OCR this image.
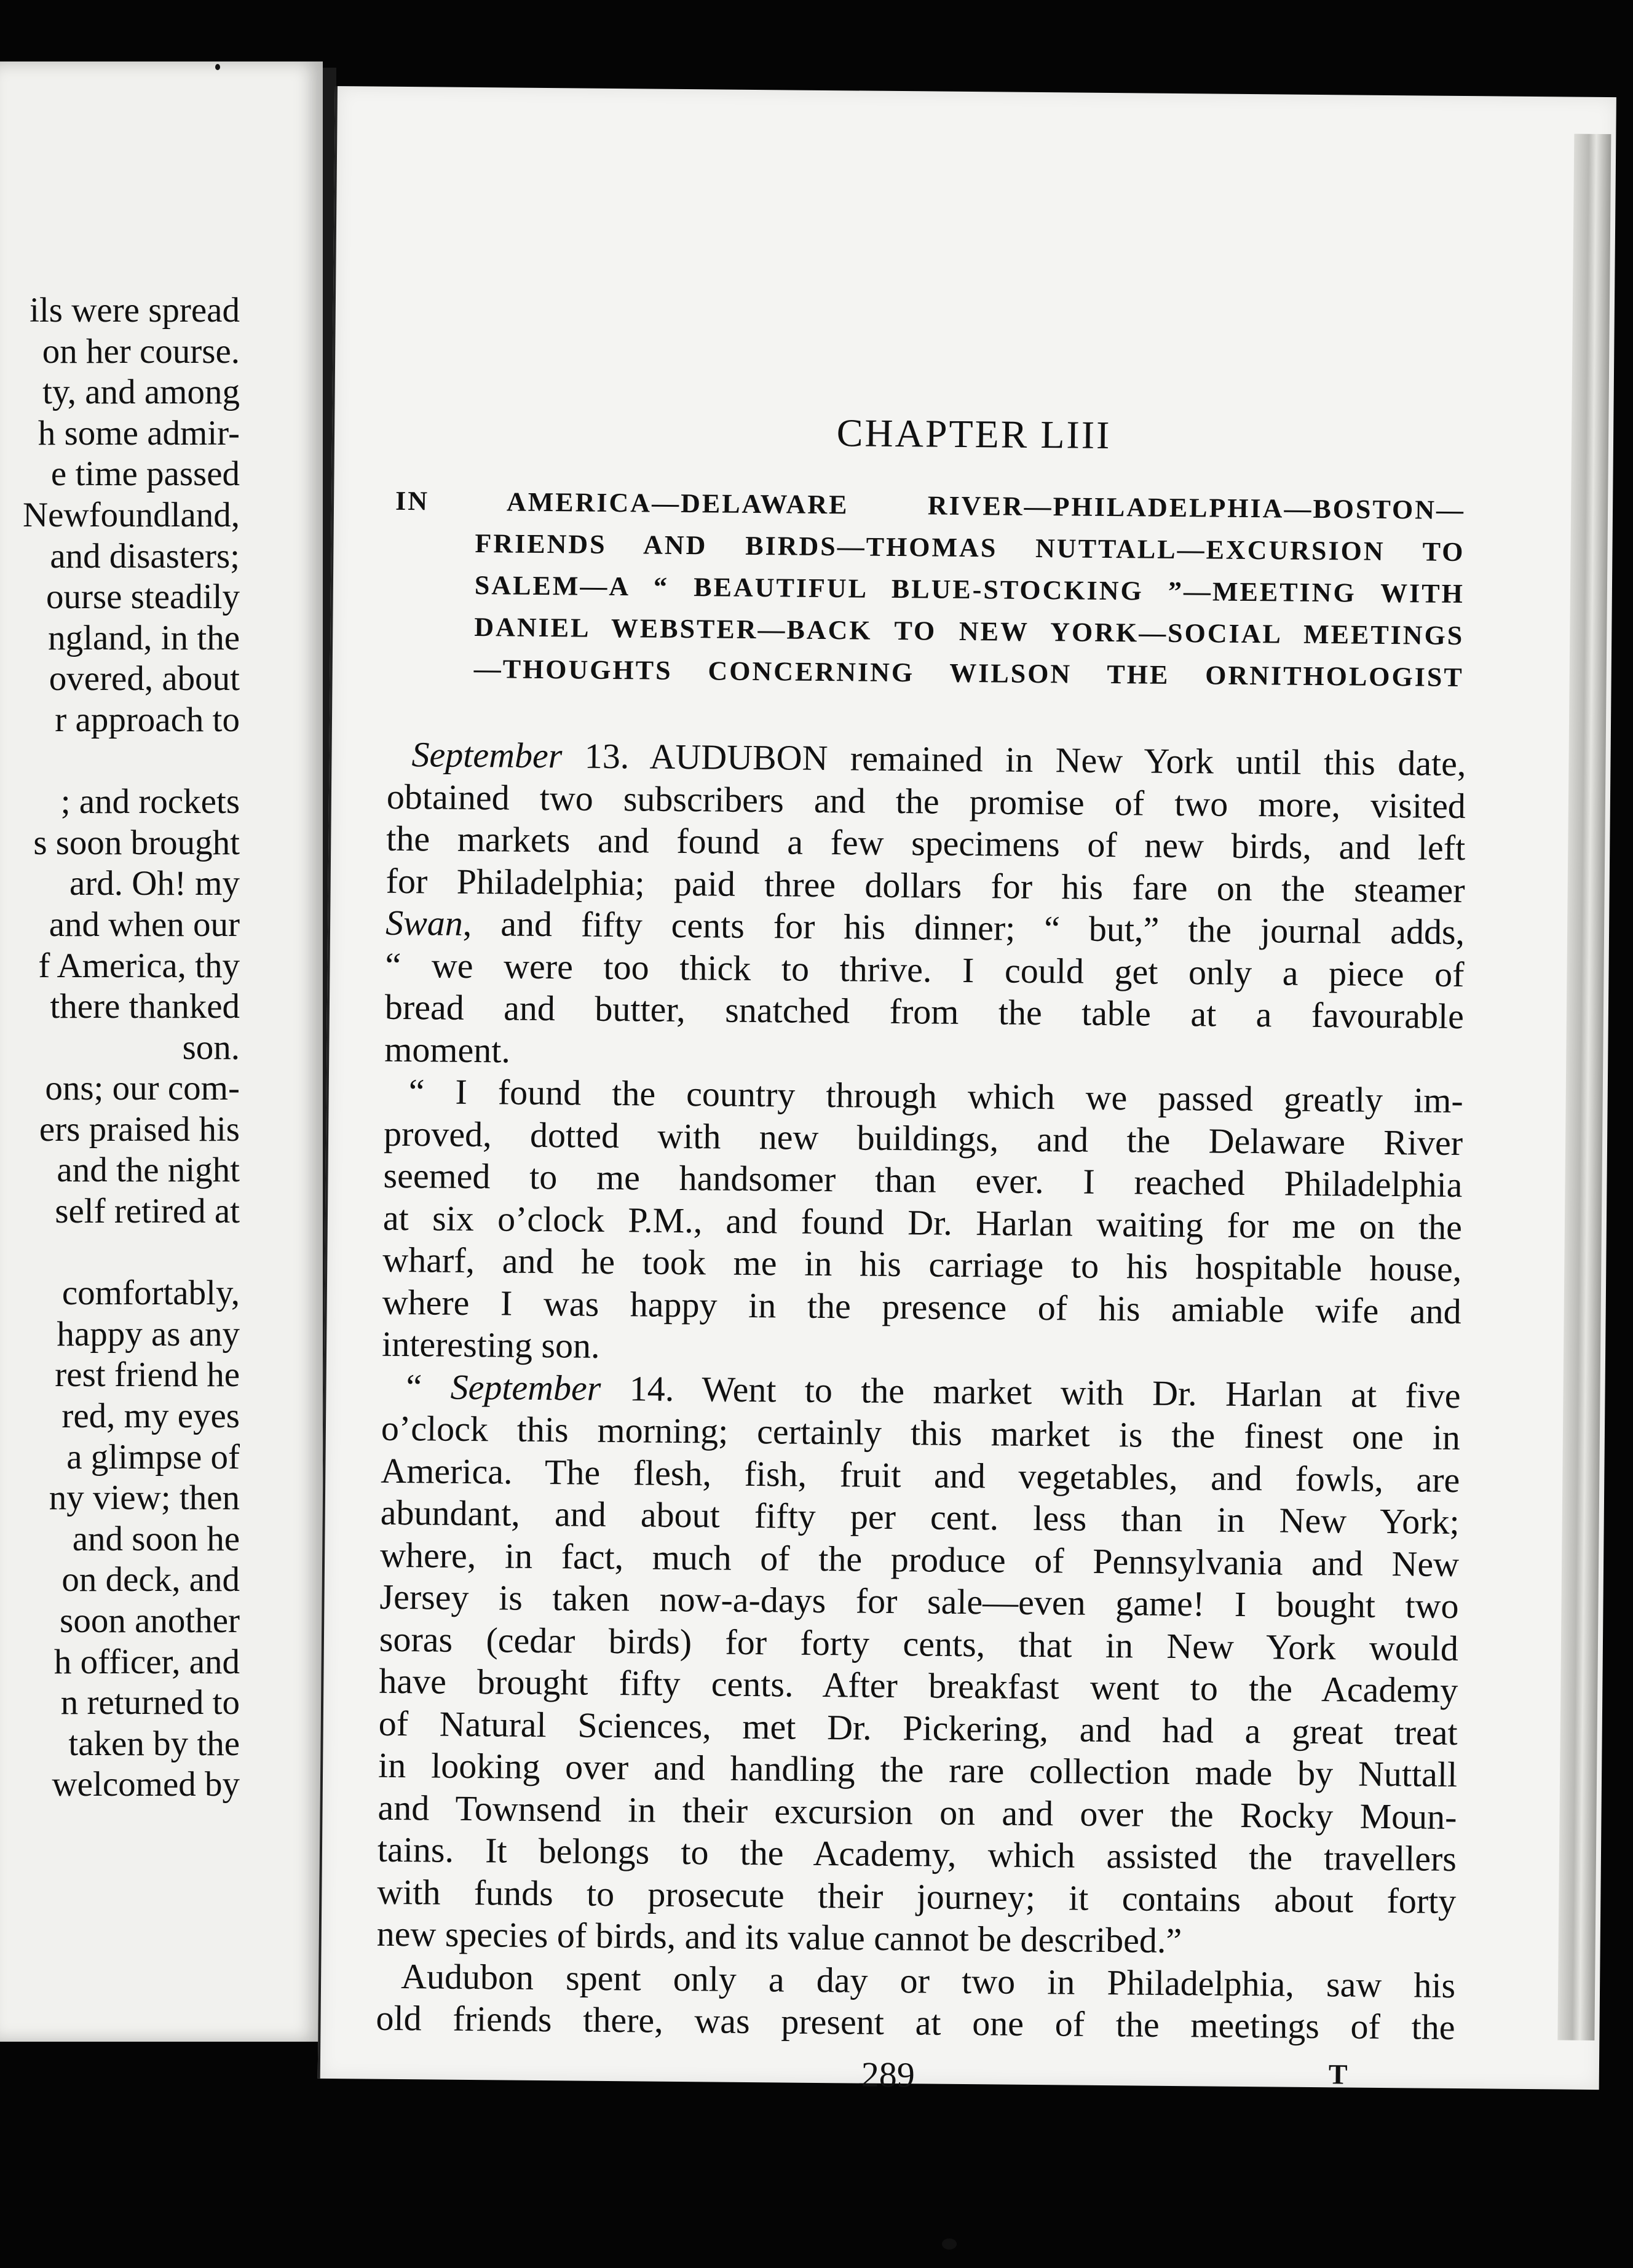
ils were spread
on her course.
ty, and among
h some admir-
e time passed
Newfoundland,
and disasters;
ourse steadily
ngland, in the
overed, about
r approach to
; and rockets
s soon brought
ard. Oh! my
and when our
f America, thy
there thanked
son.
ons; our com-
ers praised his
and the night
self retired at
comfortably,
happy as any
rest friend he
red, my eyes
a glimpse of
ny view; then
and soon he
on deck, and
soon another
h officer, and
n returned to
taken by the
welcomed by
CHAPTER LIII
IN AMERICA—DELAWARE RIVER—PHILADELPHIA—BOSTON—
FRIENDS AND BIRDS—THOMAS NUTTALL—EXCURSION TO
SALEM—A “ BEAUTIFUL BLUE-STOCKING ”—MEETING WITH
DANIEL WEBSTER—BACK TO NEW YORK—SOCIAL MEETINGS
—THOUGHTS CONCERNING WILSON THE ORNITHOLOGIST
September 13. AUDUBON remained in New York until this date,
obtained two subscribers and the promise of two more, visited
the markets and found a few specimens of new birds, and left
for Philadelphia; paid three dollars for his fare on the steamer
Swan, and fifty cents for his dinner; “ but,” the journal adds,
“ we were too thick to thrive. I could get only a piece of
bread and butter, snatched from the table at a favourable
moment.
“ I found the country through which we passed greatly im-
proved, dotted with new buildings, and the Delaware River
seemed to me handsomer than ever. I reached Philadelphia
at six o’clock P.M., and found Dr. Harlan waiting for me on the
wharf, and he took me in his carriage to his hospitable house,
where I was happy in the presence of his amiable wife and
interesting son.
“ September 14. Went to the market with Dr. Harlan at five
o’clock this morning; certainly this market is the finest one in
America. The flesh, fish, fruit and vegetables, and fowls, are
abundant, and about fifty per cent. less than in New York;
where, in fact, much of the produce of Pennsylvania and New
Jersey is taken now-a-days for sale—even game! I bought two
soras (cedar birds) for forty cents, that in New York would
have brought fifty cents. After breakfast went to the Academy
of Natural Sciences, met Dr. Pickering, and had a great treat
in looking over and handling the rare collection made by Nuttall
and Townsend in their excursion on and over the Rocky Moun-
tains. It belongs to the Academy, which assisted the travellers
with funds to prosecute their journey; it contains about forty
new species of birds, and its value cannot be described.”
Audubon spent only a day or two in Philadelphia, saw his
old friends there, was present at one of the meetings of the
289	T
